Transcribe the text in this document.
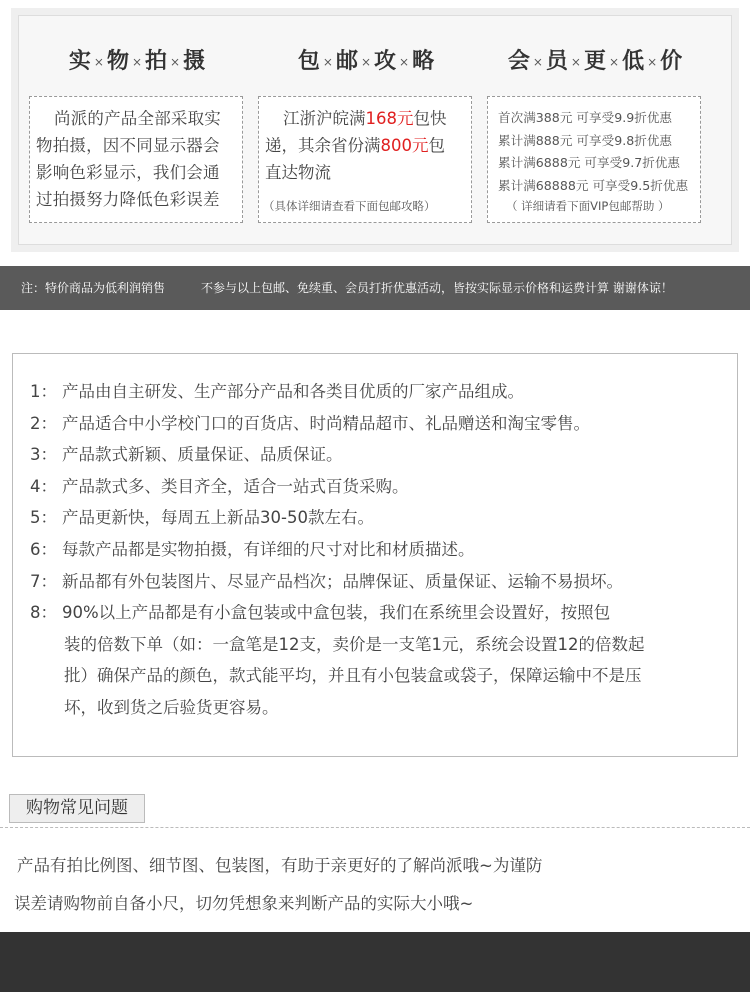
实 × 物 × 拍 × 摄
尚派的产品全部采取实
物拍摄，因不同显示器会
影响色彩显示，我们会通
过拍摄努力降低色彩误差
包 × 邮 × 攻 × 略
江浙沪皖满168元包快
递，其余省份满800元包
直达物流
（具体详细请查看下面包邮攻略）
会 × 员 × 更 × 低 × 价
首次满388元 可享受9.9折优惠
累计满888元 可享受9.8折优惠
累计满6888元 可享受9.7折优惠
累计满68888元 可享受9.5折优惠
（ 详细请看下面VIP包邮帮助 ）
注：特价商品为低利润销售	不参与以上包邮、免续重、会员打折优惠活动，皆按实际显示价格和运费计算 谢谢体谅！
1： 产品由自主研发、生产部分产品和各类目优质的厂家产品组成。
2： 产品适合中小学校门口的百货店、时尚精品超市、礼品赠送和淘宝零售。
3： 产品款式新颖、质量保证、品质保证。
4： 产品款式多、类目齐全，适合一站式百货采购。
5： 产品更新快，每周五上新品30-50款左右。
6： 每款产品都是实物拍摄，有详细的尺寸对比和材质描述。
7： 新品都有外包装图片、尽显产品档次；品牌保证、质量保证、运输不易损坏。
8： 90%以上产品都是有小盒包装或中盒包装，我们在系统里会设置好，按照包
装的倍数下单（如：一盒笔是12支，卖价是一支笔1元，系统会设置12的倍数起
批）确保产品的颜色，款式能平均，并且有小包装盒或袋子，保障运输中不是压
坏，收到货之后验货更容易。
购物常见问题
产品有拍比例图、细节图、包装图，有助于亲更好的了解尚派哦~为谨防
误差请购物前自备小尺，切勿凭想象来判断产品的实际大小哦~
